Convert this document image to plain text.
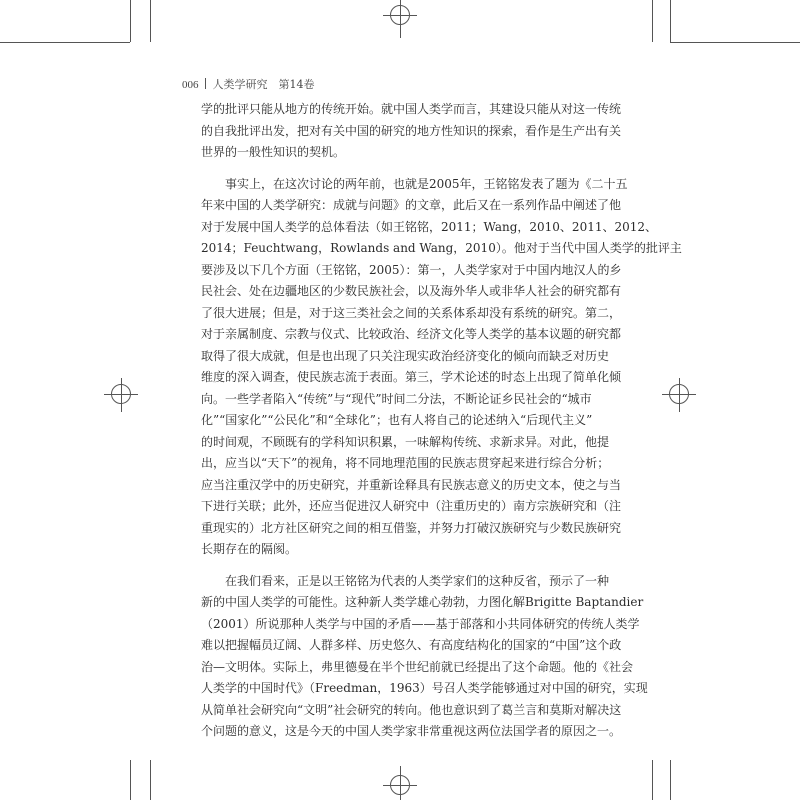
006 人类学研究　第14卷

学的批评只能从地方的传统开始。就中国人类学而言，其建设只能从对这一传统

的自我批评出发，把对有关中国的研究的地方性知识的探索，看作是生产出有关

世界的一般性知识的契机。

　　事实上，在这次讨论的两年前，也就是2005年，王铭铭发表了题为《二十五

年来中国的人类学研究：成就与问题》的文章，此后又在一系列作品中阐述了他

对于发展中国人类学的总体看法（如王铭铭，2011；Wang，2010、2011、2012、

2014；Feuchtwang，Rowlands and Wang，2010）。他对于当代中国人类学的批评主

要涉及以下几个方面（王铭铭，2005）：第一，人类学家对于中国内地汉人的乡

民社会、处在边疆地区的少数民族社会，以及海外华人或非华人社会的研究都有

了很大进展；但是，对于这三类社会之间的关系体系却没有系统的研究。第二，

对于亲属制度、宗教与仪式、比较政治、经济文化等人类学的基本议题的研究都

取得了很大成就，但是也出现了只关注现实政治经济变化的倾向而缺乏对历史

维度的深入调查，使民族志流于表面。第三，学术论述的时态上出现了简单化倾

向。一些学者陷入“传统”与“现代”时间二分法，不断论证乡民社会的“城市

化”“国家化”“公民化”和“全球化”；也有人将自己的论述纳入“后现代主义”

的时间观，不顾既有的学科知识积累，一味解构传统、求新求异。对此，他提

出，应当以“天下”的视角，将不同地理范围的民族志贯穿起来进行综合分析；

应当注重汉学中的历史研究，并重新诠释具有民族志意义的历史文本，使之与当

下进行关联；此外，还应当促进汉人研究中（注重历史的）南方宗族研究和（注

重现实的）北方社区研究之间的相互借鉴，并努力打破汉族研究与少数民族研究

长期存在的隔阂。

　　在我们看来，正是以王铭铭为代表的人类学家们的这种反省，预示了一种

新的中国人类学的可能性。这种新人类学雄心勃勃，力图化解Brigitte Baptandier

（2001）所说那种人类学与中国的矛盾——基于部落和小共同体研究的传统人类学

难以把握幅员辽阔、人群多样、历史悠久、有高度结构化的国家的“中国”这个政

治—文明体。实际上，弗里德曼在半个世纪前就已经提出了这个命题。他的《社会

人类学的中国时代》（Freedman，1963）号召人类学能够通过对中国的研究，实现

从简单社会研究向“文明”社会研究的转向。他也意识到了葛兰言和莫斯对解决这

个问题的意义，这是今天的中国人类学家非常重视这两位法国学者的原因之一。
